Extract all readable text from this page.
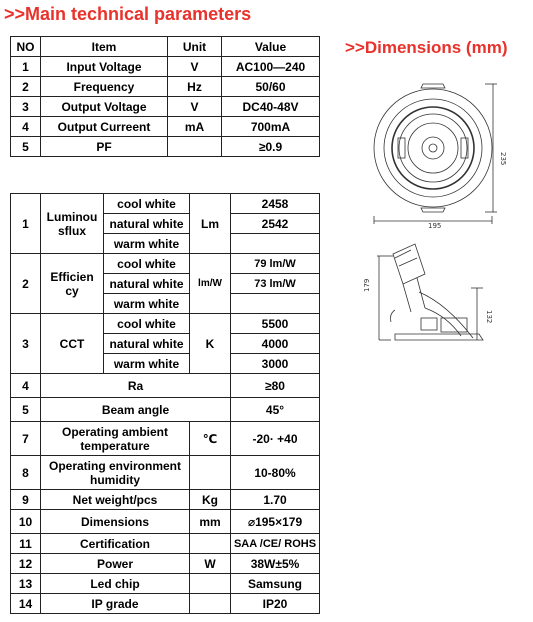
>>Main technical parameters
>>Dimensions (mm)
NO	Item	Unit	Value
1	Input Voltage	V	AC100—240
2	Frequency	Hz	50/60
3	Output Voltage	V	DC40-48V
4	Output Curreent	mA	700mA
5	PF		≥0.9
1	Luminou sflux	cool white	Lm	2458
		natural white		2542
		warm white		
2	Efficien cy	cool white	lm/W	79 lm/W
		natural white		73 lm/W
		warm white		
3	CCT	cool white	K	5500
		natural white		4000
		warm white		3000
4	Ra			≥80
5	Beam angle			45°
7	Operating ambient temperature		℃	-20· +40
8	Operating environment humidity			10-80%
9	Net weight/pcs		Kg	1.70
10	Dimensions		mm	⌀195×179
11	Certification			SAA /CE/ ROHS
12	Power		W	38W±5%
13	Led chip			Samsung
14	IP grade			IP20
195
235
179
132
